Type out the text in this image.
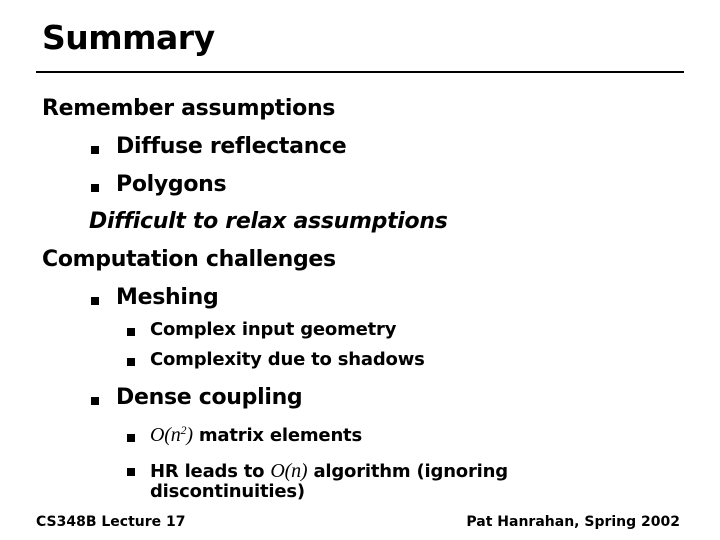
Summary
Remember assumptions
Diffuse reflectance
Polygons
Difficult to relax assumptions
Computation challenges
Meshing
Complex input geometry
Complexity due to shadows
Dense coupling
$O(n^2)$ matrix elements
HR leads to O(n) algorithm (ignoring discontinuities)
CS348B Lecture 17	Pat Hanrahan, Spring 2002
